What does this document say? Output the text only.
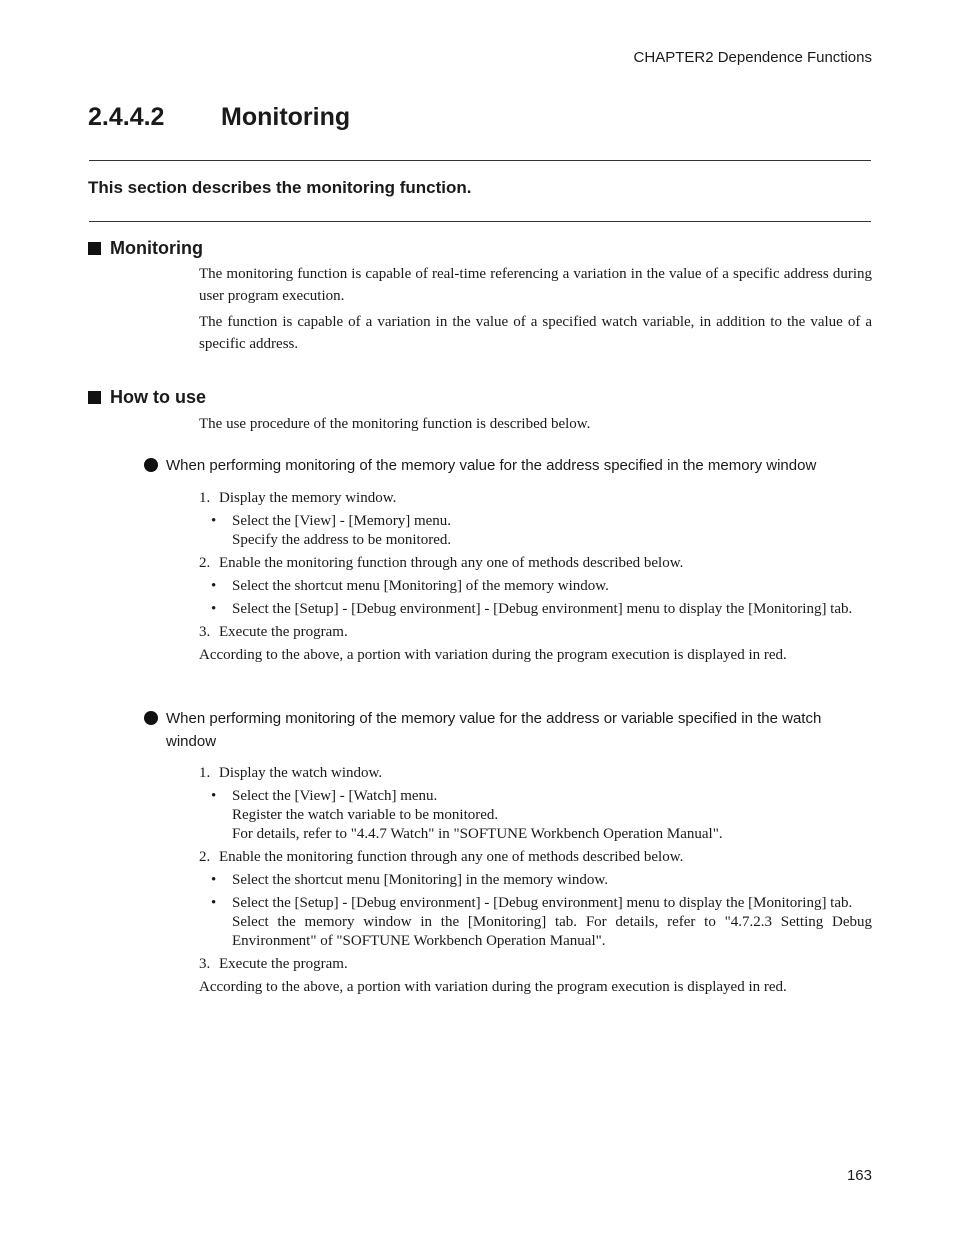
CHAPTER2 Dependence Functions
2.4.4.2 Monitoring
This section describes the monitoring function.
Monitoring

The monitoring function is capable of real-time referencing a variation in the value of a specific address during user program execution.

The function is capable of a variation in the value of a specified watch variable, in addition to the value of a specific address.

How to use
The use procedure of the monitoring function is described below.
When performing monitoring of the memory value for the address specified in the memory window
1. Display the memory window.
• Select the [View] - [Memory] menu.
Specify the address to be monitored.
2. Enable the monitoring function through any one of methods described below.
• Select the shortcut menu [Monitoring] of the memory window.
• Select the [Setup] - [Debug environment] - [Debug environment] menu to display the [Monitoring] tab.
3. Execute the program.
According to the above, a portion with variation during the program execution is displayed in red.
When performing monitoring of the memory value for the address or variable specified in the watch window
1. Display the watch window.
• Select the [View] - [Watch] menu.
Register the watch variable to be monitored.
For details, refer to "4.4.7 Watch" in "SOFTUNE Workbench Operation Manual".
2. Enable the monitoring function through any one of methods described below.
• Select the shortcut menu [Monitoring] in the memory window.
• Select the [Setup] - [Debug environment] - [Debug environment] menu to display the [Monitoring] tab.
Select the memory window in the [Monitoring] tab. For details, refer to "4.7.2.3 Setting Debug Environment" of "SOFTUNE Workbench Operation Manual".
3. Execute the program.
According to the above, a portion with variation during the program execution is displayed in red.
163
